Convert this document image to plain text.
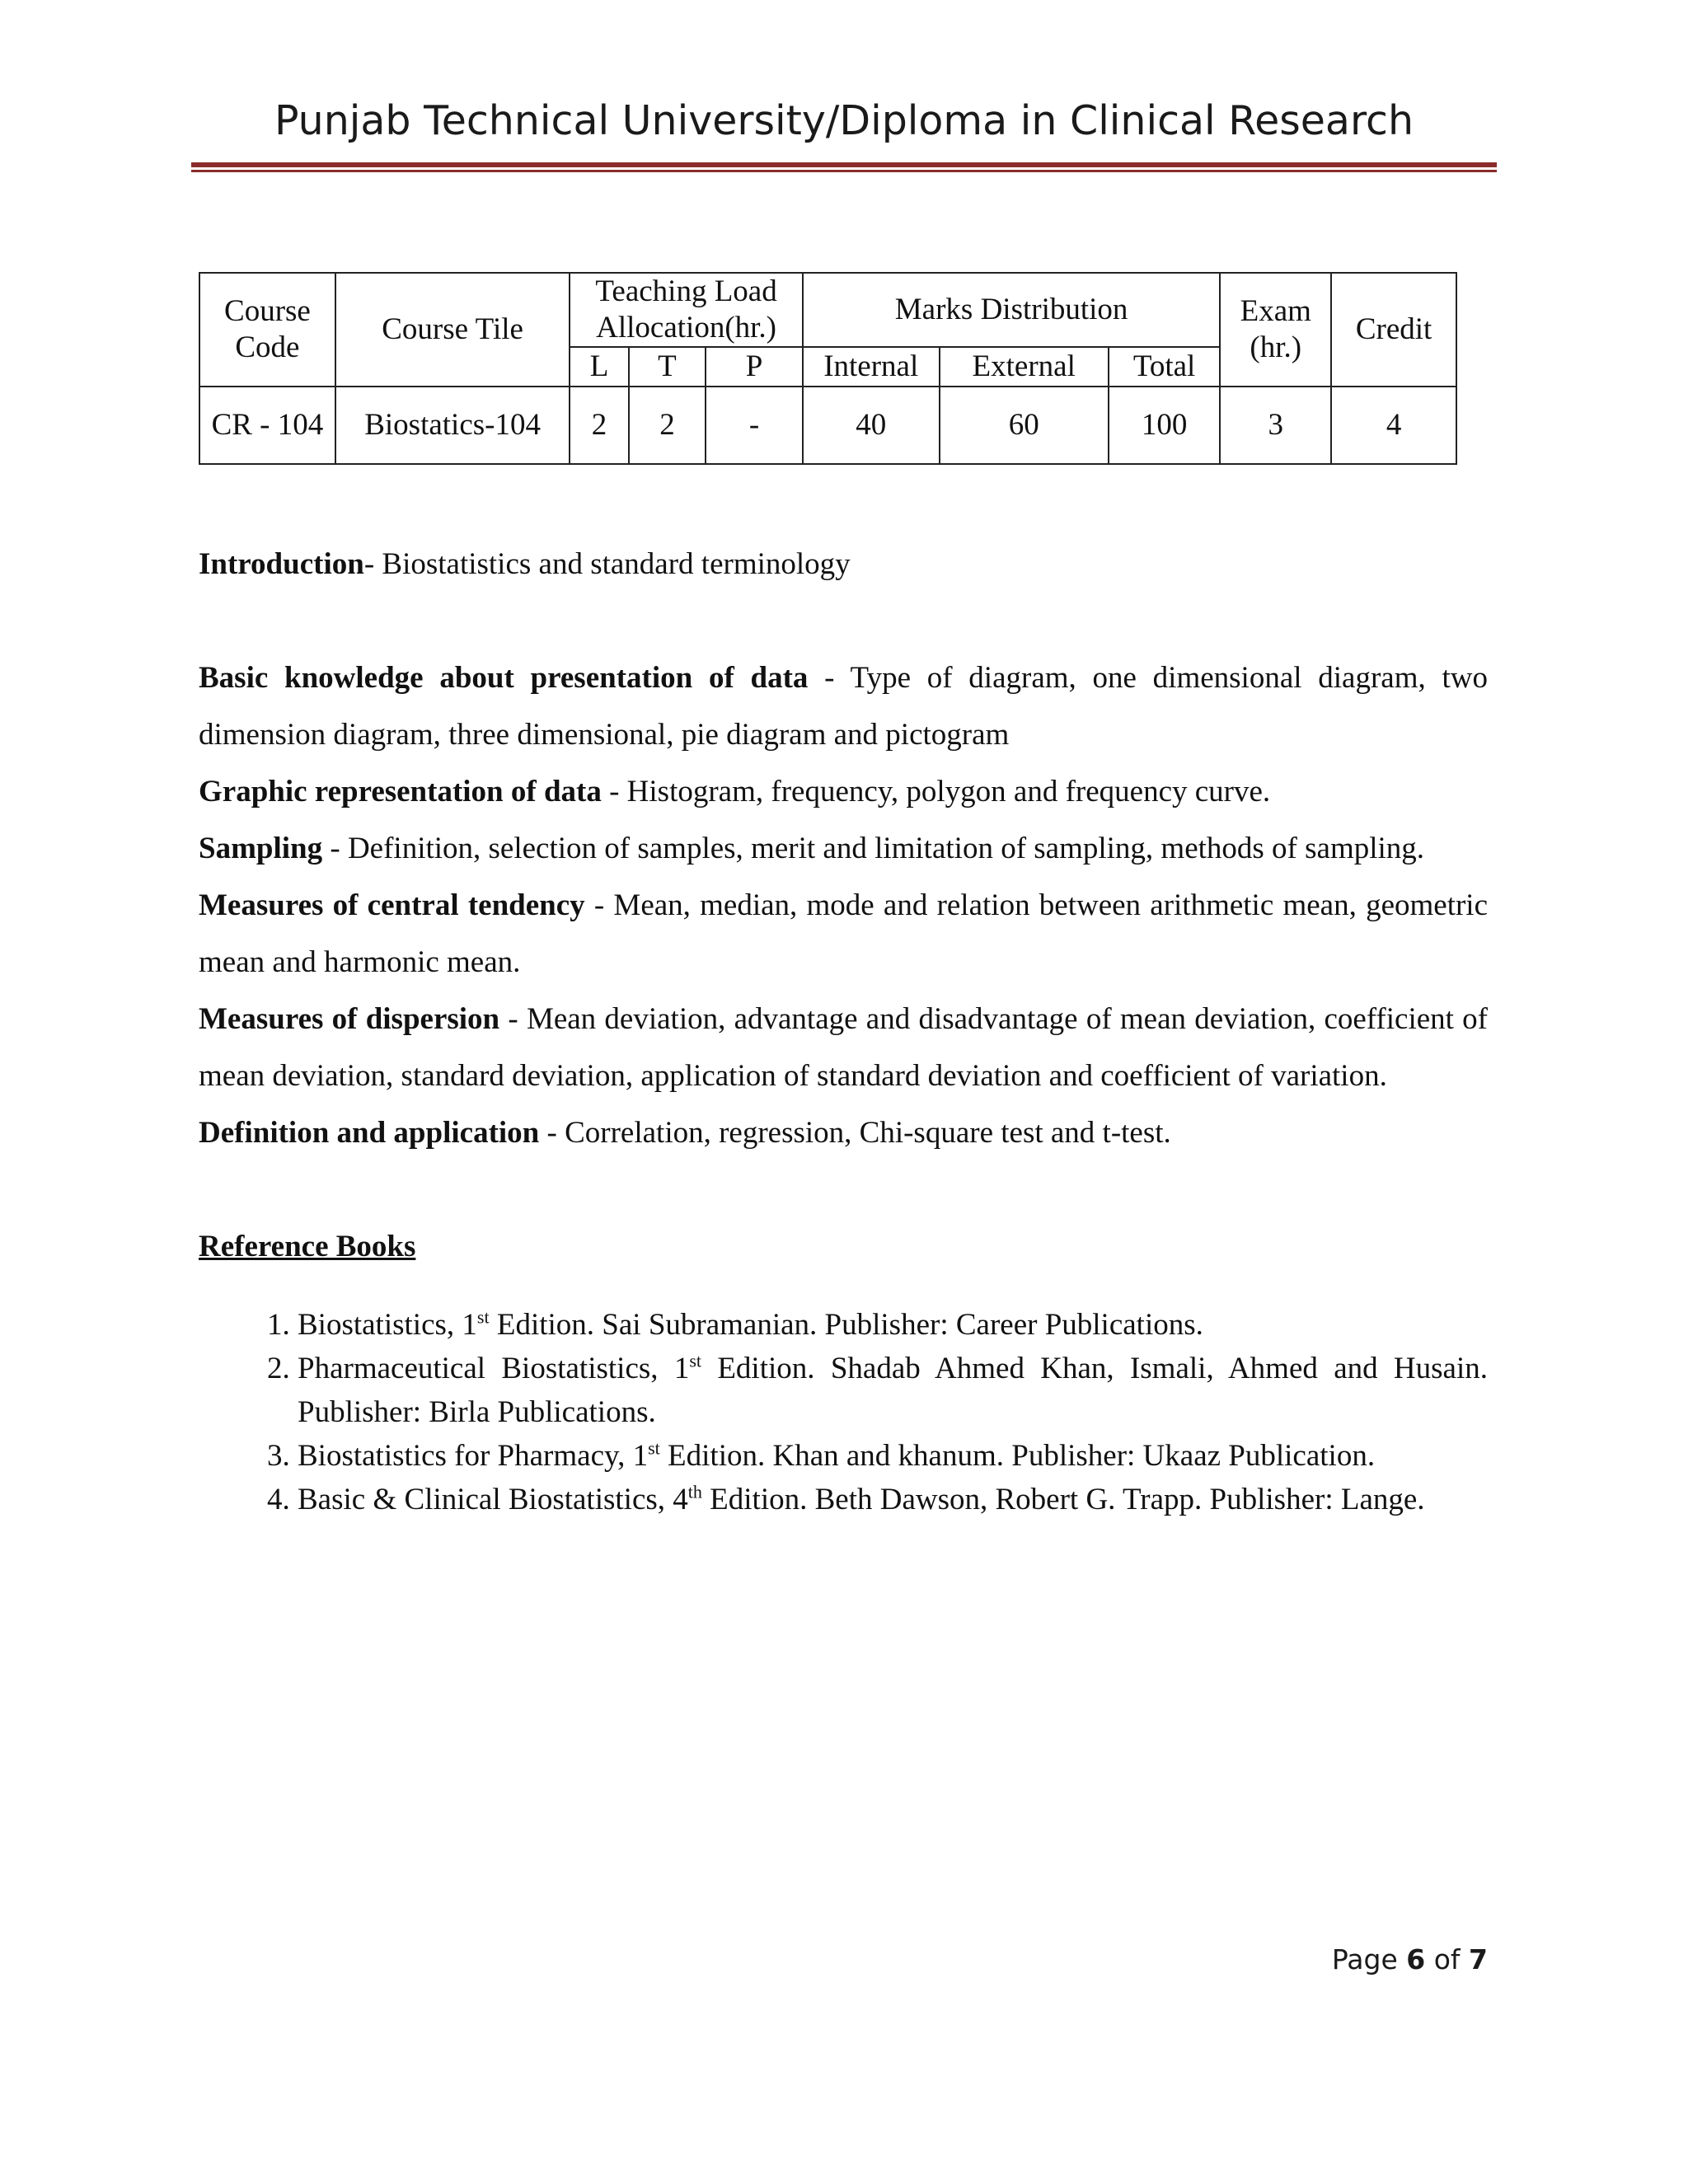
Punjab Technical University/Diploma in Clinical Research
Course Code	Course Tile	Teaching Load Allocation(hr.)			Marks Distribution			Exam (hr.)	Credit
		L	T	P	Internal	External	Total		
CR - 104	Biostatics-104	2	2	-	40	60	100	3	4

Introduction- Biostatistics and standard terminology

Basic knowledge about presentation of data - Type of diagram, one dimensional diagram, two dimension diagram, three dimensional, pie diagram and pictogram

Graphic representation of data - Histogram, frequency, polygon and frequency curve.

Sampling - Definition, selection of samples, merit and limitation of sampling, methods of sampling.

Measures of central tendency - Mean, median, mode and relation between arithmetic mean, geometric mean and harmonic mean.

Measures of dispersion - Mean deviation, advantage and disadvantage of mean deviation, coefficient of mean deviation, standard deviation, application of standard deviation and coefficient of variation.

Definition and application - Correlation, regression, Chi-square test and t-test.

Reference Books

1. Biostatistics, 1st Edition. Sai Subramanian. Publisher: Career Publications.
2. Pharmaceutical Biostatistics, 1st Edition. Shadab Ahmed Khan, Ismali, Ahmed and Husain. Publisher: Birla Publications.
3. Biostatistics for Pharmacy, 1st Edition. Khan and khanum. Publisher: Ukaaz Publication.
4. Basic & Clinical Biostatistics, 4th Edition. Beth Dawson, Robert G. Trapp. Publisher: Lange.
Page 6 of 7
